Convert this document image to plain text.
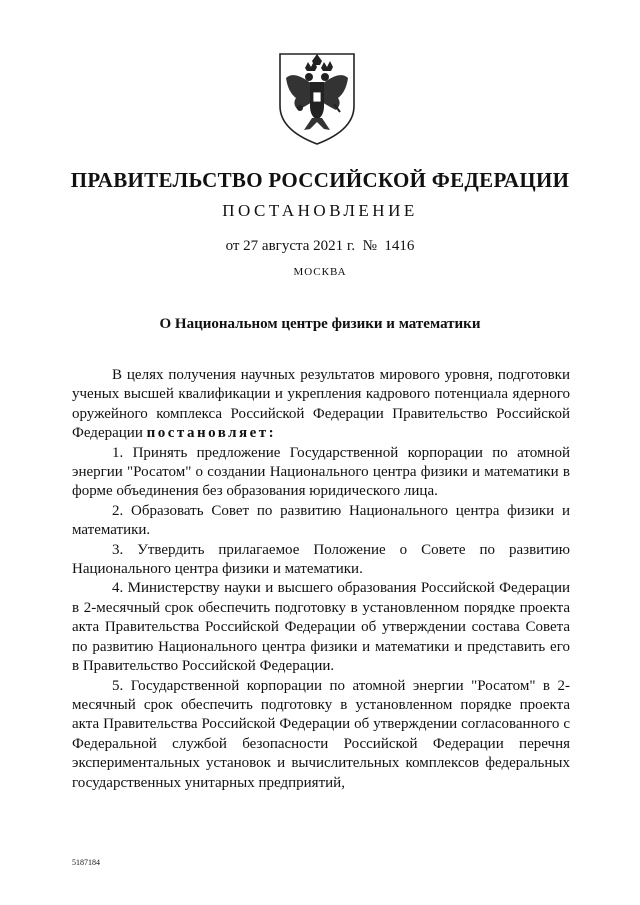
ПРАВИТЕЛЬСТВО РОССИЙСКОЙ ФЕДЕРАЦИИ
ПОСТАНОВЛЕНИЕ
от 27 августа 2021 г.  №  1416
МОСКВА
О Национальном центре физики и математики

В целях получения научных результатов мирового уровня, подготовки ученых высшей квалификации и укрепления кадрового потенциала ядерного оружейного комплекса Российской Федерации Правительство Российской Федерации постановляет:

1. Принять предложение Государственной корпорации по атомной энергии "Росатом" о создании Национального центра физики и математики в форме объединения без образования юридического лица.

2. Образовать Совет по развитию Национального центра физики и математики.

3. Утвердить прилагаемое Положение о Совете по развитию Национального центра физики и математики.

4. Министерству науки и высшего образования Российской Федерации в 2-месячный срок обеспечить подготовку в установленном порядке проекта акта Правительства Российской Федерации об утверждении состава Совета по развитию Национального центра физики и математики и представить его в Правительство Российской Федерации.

5. Государственной корпорации по атомной энергии "Росатом" в 2-месячный срок обеспечить подготовку в установленном порядке проекта акта Правительства Российской Федерации об утверждении согласованного с Федеральной службой безопасности Российской Федерации перечня экспериментальных установок и вычислительных комплексов федеральных государственных унитарных предприятий,

5187184
